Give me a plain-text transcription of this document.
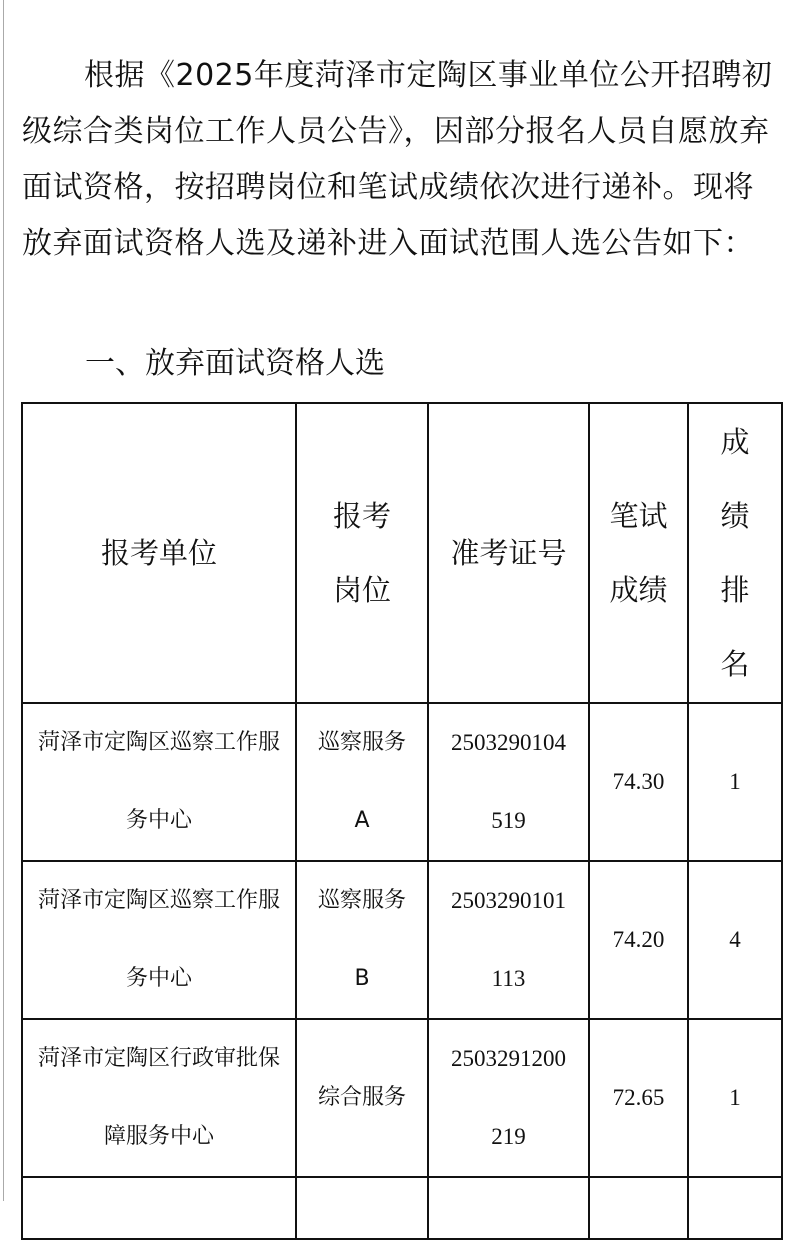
根据《2025年度菏泽市定陶区事业单位公开招聘初级综合类岗位工作人员公告》，因部分报名人员自愿放弃面试资格，按招聘岗位和笔试成绩依次进行递补。现将放弃面试资格人选及递补进入面试范围人选公告如下：

一、放弃面试资格人选

报考单位	报考岗位	准考证号	笔试成绩	成绩排名
菏泽市定陶区巡察工作服务中心	巡察服务A	2503290104519	74.30	1
菏泽市定陶区巡察工作服务中心	巡察服务B	2503290101113	74.20	4
菏泽市定陶区行政审批保障服务中心	综合服务	2503291200219	72.65	1
